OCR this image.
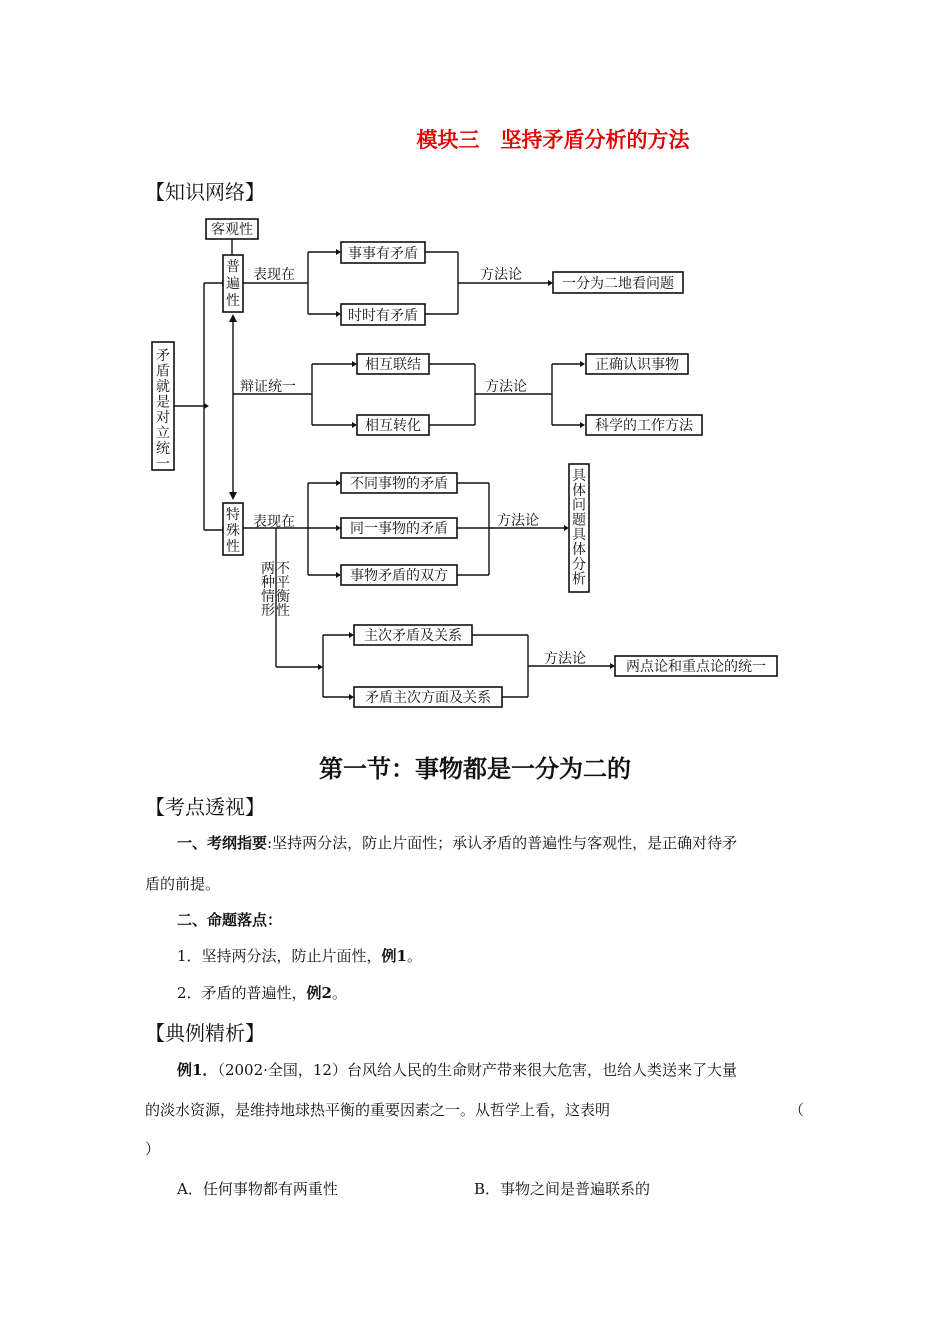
模块三　坚持矛盾分析的方法
【知识网络】
矛盾就是对立统一
客观性
普遍性
特殊性
表现在
事事有矛盾
时时有矛盾
方法论
一分为二地看问题
辩证统一
相互联结
相互转化
方法论
正确认识事物
科学的工作方法
表现在
不同事物的矛盾
同一事物的矛盾
事物矛盾的双方
方法论
具体问题具体分析
两种情形
不平衡性
主次矛盾及关系
矛盾主次方面及关系
方法论	两点论和重点论的统一
第一节：事物都是一分为二的
【考点透视】
一、考纲指要:坚持两分法，防止片面性；承认矛盾的普遍性与客观性，是正确对待矛
盾的前提。
二、命题落点：
1．坚持两分法，防止片面性，例1。
2．矛盾的普遍性，例2。
【典例精析】
例1．（2002·全国，12）台风给人民的生命财产带来很大危害，也给人类送来了大量
的淡水资源，是维持地球热平衡的重要因素之一。从哲学上看，这表明	（
）
A．任何事物都有两重性	B．事物之间是普遍联系的
